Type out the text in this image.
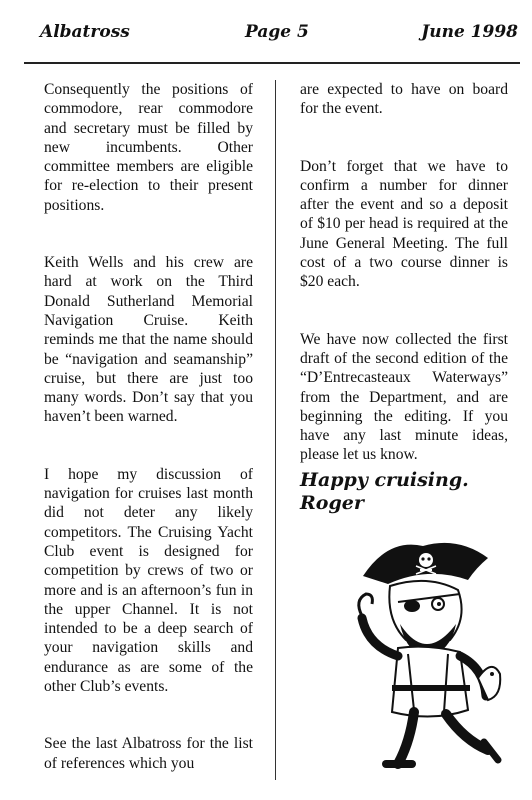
Albatross	Page 5	June 1998

Consequently the positions of commodore, rear commodore and secretary must be filled by new incumbents. Other committee members are eligible for re-election to their present positions.

Keith Wells and his crew are hard at work on the Third Donald Sutherland Memorial Navigation Cruise. Keith reminds me that the name should be “navigation and seamanship” cruise, but there are just too many words. Don’t say that you haven’t been warned.

I hope my discussion of navigation for cruises last month did not deter any likely competitors. The Cruising Yacht Club event is designed for competition by crews of two or more and is an afternoon’s fun in the upper Channel. It is not intended to be a deep search of your navigation skills and endurance as are some of the other Club’s events.

See the last Albatross for the list of references which you

are expected to have on board for the event.

Don’t forget that we have to confirm a number for dinner after the event and so a deposit of $10 per head is required at the June General Meeting. The full cost of a two course dinner is $20 each.

We have now collected the first draft of the second edition of the “D’Entrecasteaux Waterways” from the Department, and are beginning the editing. If you have any last minute ideas, please let us know.

Happy cruising.
Roger
